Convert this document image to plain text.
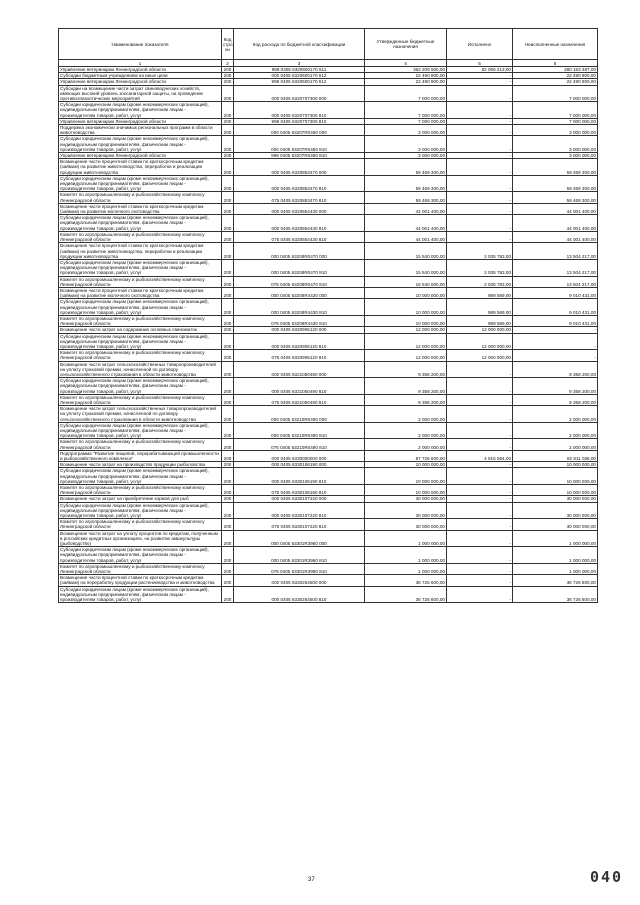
Наименование показателя	Код стро ки	Код расхода по бюджетной классификации	Утвержденные бюджетные назначения	Исполнено	Неисполненные назначения
1	2	3	4	5	6
Управление ветеринарии Ленинградской области	200	998 0405 6320600170 611	362 209 500,00	82 056 213,00	280 153 487,00
Субсидии бюджетным учреждениям на иные цели	200	000 0405 6320600170 612	22 490 900,00	-	22 490 900,00
Управление ветеринарии Ленинградской области	200	998 0405 6320600170 612	22 490 900,00	-	22 490 900,00
Субсидии на возмещение части затрат свиноводческих хозяйств, имеющих высокий уровень зоосанитарной защиты, на проведение противоэпизоотических мероприятий	200	000 0405 6320707300 000	7 000 000,00	-	7 000 000,00
Субсидии юридическим лицам (кроме некоммерческих организаций), индивидуальным предпринимателям, физическим лицам - производителям товаров, работ, услуг	200	000 0405 6320707300 810	7 000 000,00	-	7 000 000,00
Управление ветеринарии Ленинградской области	200	998 0405 6320707300 810	7 000 000,00	-	7 000 000,00
Поддержка экономически значимых региональных программ в области животноводства	200	000 0405 63207R0460 000	3 000 000,00	-	3 000 000,00
Субсидии юридическим лицам (кроме некоммерческих организаций), индивидуальным предпринимателям, физическим лицам - производителям товаров, работ, услуг	200	000 0405 63207R0460 810	3 000 000,00	-	3 000 000,00
Управление ветеринарии Ленинградской области	200	998 0405 63207R0460 810	3 000 000,00	-	3 000 000,00
Возмещение части процентной ставки по краткосрочным кредитам (займам) на развитие животноводства, переработки и реализации продукции животноводства	200	000 0405 6320853470 000	59 469 300,00	-	59 469 300,00
Субсидии юридическим лицам (кроме некоммерческих организаций), индивидуальным предпринимателям, физическим лицам - производителям товаров, работ, услуг	200	000 0405 6320853470 810	59 469 300,00	-	59 469 300,00
Комитет по агропромышленному и рыбохозяйственному комплексу Ленинградской области	200	075 0405 6320853470 810	59 469 300,00	-	59 469 300,00
Возмещение части процентной ставки по краткосрочным кредитам (займам) на развитие молочного скотоводства	200	000 0405 6320854430 000	44 001 400,00	-	44 001 400,00
Субсидии юридическим лицам (кроме некоммерческих организаций), индивидуальным предпринимателям, физическим лицам - производителям товаров, работ, услуг	200	000 0405 6320854430 810	44 001 400,00	-	44 001 400,00
Комитет по агропромышленному и рыбохозяйственному комплексу Ленинградской области	200	075 0405 6320854430 810	44 001 400,00	-	44 001 400,00
Возмещение части процентной ставки по краткосрочным кредитам (займам) на развитие животноводства, переработки и реализации продукции животноводства	200	000 0405 63208R0470 000	15 540 000,00	2 035 783,00	13 504 217,00
Субсидии юридическим лицам (кроме некоммерческих организаций), индивидуальным предпринимателям, физическим лицам - производителям товаров, работ, услуг	200	000 0405 63208R0470 810	15 540 000,00	2 035 783,00	13 504 217,00
Комитет по агропромышленному и рыбохозяйственному комплексу Ленинградской области	200	075 0405 63208R0470 810	15 540 000,00	2 035 783,00	13 504 217,00
Возмещение части процентной ставки по краткосрочным кредитам (займам) на развитие молочного скотоводства	200	000 0405 63208R4430 000	10 000 000,00	989 569,00	9 010 431,00
Субсидии юридическим лицам (кроме некоммерческих организаций), индивидуальным предпринимателям, физическим лицам - производителям товаров, работ, услуг	200	000 0405 63208R4430 810	10 000 000,00	989 569,00	9 010 431,00
Комитет по агропромышленному и рыбохозяйственному комплексу Ленинградской области	200	075 0405 63208R4430 810	10 000 000,00	989 569,00	9 010 431,00
Возмещение части затрат на содержание основных свиноматок	200	000 0405 6320906120 000	12 000 000,00	12 000 000,00	-
Субсидии юридическим лицам (кроме некоммерческих организаций), индивидуальным предпринимателям, физическим лицам - производителям товаров, работ, услуг	200	000 0405 6320906120 810	12 000 000,00	12 000 000,00	-
Комитет по агропромышленному и рыбохозяйственному комплексу Ленинградской области	200	075 0405 6320906120 810	12 000 000,00	12 000 000,00	-
Возмещение части затрат сельскохозяйственных товаропроизводителей на уплату страховой премии, начисленной по договору сельскохозяйственного страхования в области животноводства	200	000 0405 6321050490 000	9 358 200,00	-	9 358 200,00
Субсидии юридическим лицам (кроме некоммерческих организаций), индивидуальным предпринимателям, физическим лицам - производителям товаров, работ, услуг	200	000 0405 6321050490 810	9 358 200,00	-	9 358 200,00
Комитет по агропромышленному и рыбохозяйственному комплексу Ленинградской области	200	075 0405 6321050490 810	9 358 200,00	-	9 358 200,00
Возмещение части затрат сельскохозяйственных товаропроизводителей на уплату страховой премии, начисленной по договору сельскохозяйственного страхования в области животноводства	200	000 0405 63210R0490 000	2 000 000,00	-	2 000 000,00
Субсидии юридическим лицам (кроме некоммерческих организаций), индивидуальным предпринимателям, физическим лицам - производителям товаров, работ, услуг	200	000 0405 63210R0490 810	2 000 000,00	-	2 000 000,00
Комитет по агропромышленному и рыбохозяйственному комплексу Ленинградской области	200	075 0405 63210R0490 810	2 000 000,00	-	2 000 000,00
Подпрограмма "Развитие пищевой, перерабатывающей промышленности и рыбохозяйственного комплекса"	200	000 0405 6330000000 000	87 726 600,00	4 915 564,00	82 811 036,00
Возмещение части затрат на производство продукции рыболовства	200	000 0405 6330106190 000	10 000 000,00	-	10 000 000,00
Субсидии юридическим лицам (кроме некоммерческих организаций), индивидуальным предпринимателям, физическим лицам - производителям товаров, работ, услуг	200	000 0405 6330106190 810	10 000 000,00	-	10 000 000,00
Комитет по агропромышленному и рыбохозяйственному комплексу Ленинградской области	200	075 0405 6330106190 810	10 000 000,00	-	10 000 000,00
Возмещение части затрат на приобретение кормов для рыб	200	000 0405 6330107220 000	30 000 000,00	-	30 000 000,00
Субсидии юридическим лицам (кроме некоммерческих организаций), индивидуальным предпринимателям, физическим лицам - производителям товаров, работ, услуг	200	000 0405 6330107220 810	30 000 000,00	-	30 000 000,00
Комитет по агропромышленному и рыбохозяйственному комплексу Ленинградской области	200	075 0405 6330107220 810	30 000 000,00	-	30 000 000,00
Возмещение части затрат на уплату процентов по кредитам, полученным в российских кредитных организациях, на развитие аквакультуры (рыбоводство)	200	000 0405 63301R3960 000	1 000 000,00	-	1 000 000,00
Субсидии юридическим лицам (кроме некоммерческих организаций), индивидуальным предпринимателям, физическим лицам - производителям товаров, работ, услуг	200	000 0405 63301R3960 810	1 000 000,00	-	1 000 000,00
Комитет по агропромышленному и рыбохозяйственному комплексу Ленинградской области	200	075 0405 63301R3960 810	1 000 000,00	-	1 000 000,00
Возмещение части процентной ставки по краткосрочным кредитам (займам) на переработку продукции растениеводства и животноводства	200	000 0405 6330254500 000	36 726 600,00	-	36 726 600,00
Субсидии юридическим лицам (кроме некоммерческих организаций), индивидуальным предпринимателям, физическим лицам - производителям товаров, работ, услуг	200	000 0405 6330254500 810	36 726 600,00	-	36 726 600,00
37	040
